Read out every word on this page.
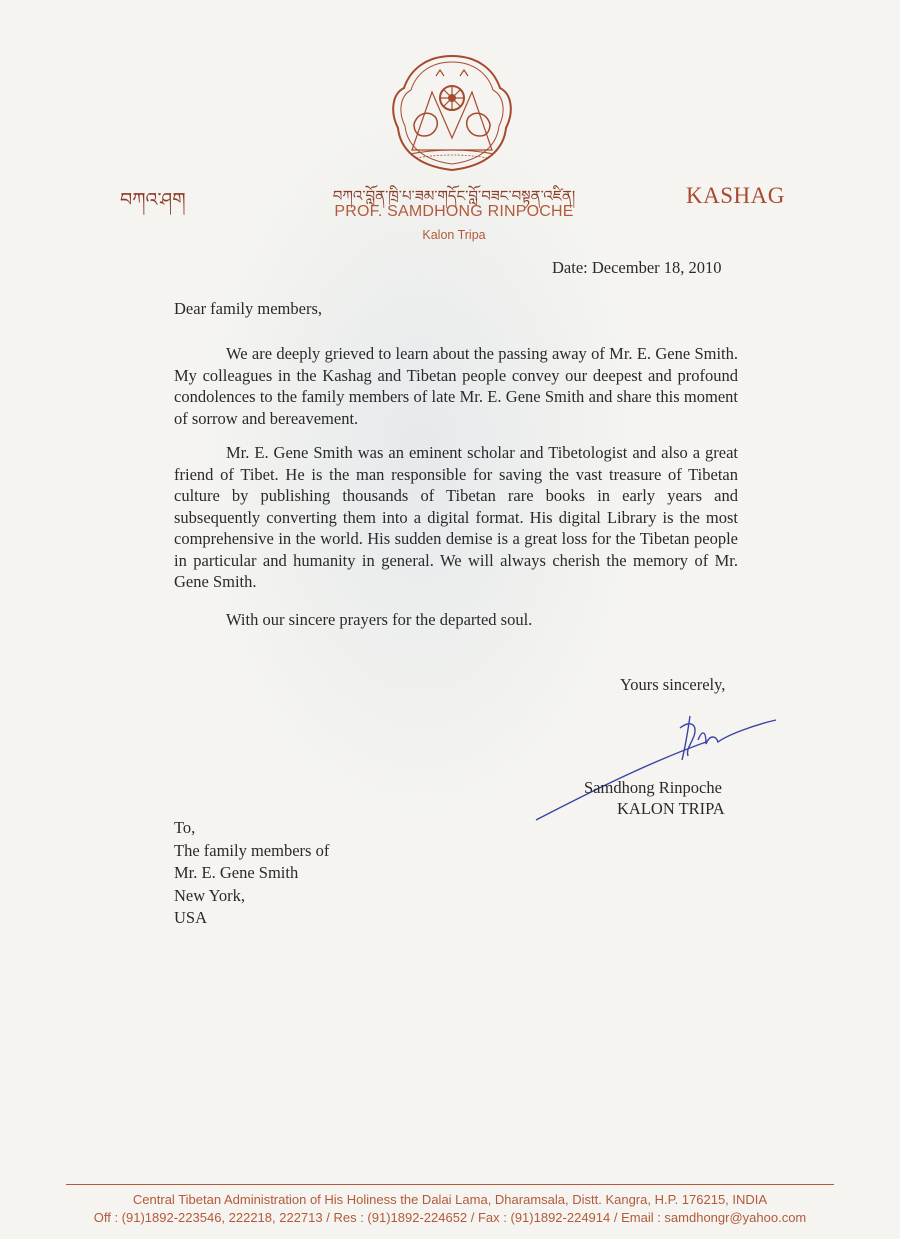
བཀའ་ཤག	བཀའ་བློན་ཁྲི་པ་ཟམ་གདོང་བློ་བཟང་བསྟན་འཛིན།
PROF. SAMDHONG RINPOCHE
Kalon Tripa
KASHAG
Date: December 18, 2010
Dear family members,

We are deeply grieved to learn about the passing away of Mr. E. Gene Smith. My colleagues in the Kashag and Tibetan people convey our deepest and profound condolences to the family members of late Mr. E. Gene Smith and share this moment of sorrow and bereavement.

Mr. E. Gene Smith was an eminent scholar and Tibetologist and also a great friend of Tibet. He is the man responsible for saving the vast treasure of Tibetan culture by publishing thousands of Tibetan rare books in early years and subsequently converting them into a digital format. His digital Library is the most comprehensive in the world. His sudden demise is a great loss for the Tibetan people in particular and humanity in general. We will always cherish the memory of Mr. Gene Smith.

With our sincere prayers for the departed soul.

Yours sincerely,
Samdhong Rinpoche
KALON TRIPA
To,
The family members of
Mr. E. Gene Smith
New York,
USA
Central Tibetan Administration of His Holiness the Dalai Lama, Dharamsala, Distt. Kangra, H.P. 176215, INDIA
Off : (91)1892-223546, 222218, 222713 / Res : (91)1892-224652 / Fax : (91)1892-224914 / Email : samdhongr@yahoo.com
